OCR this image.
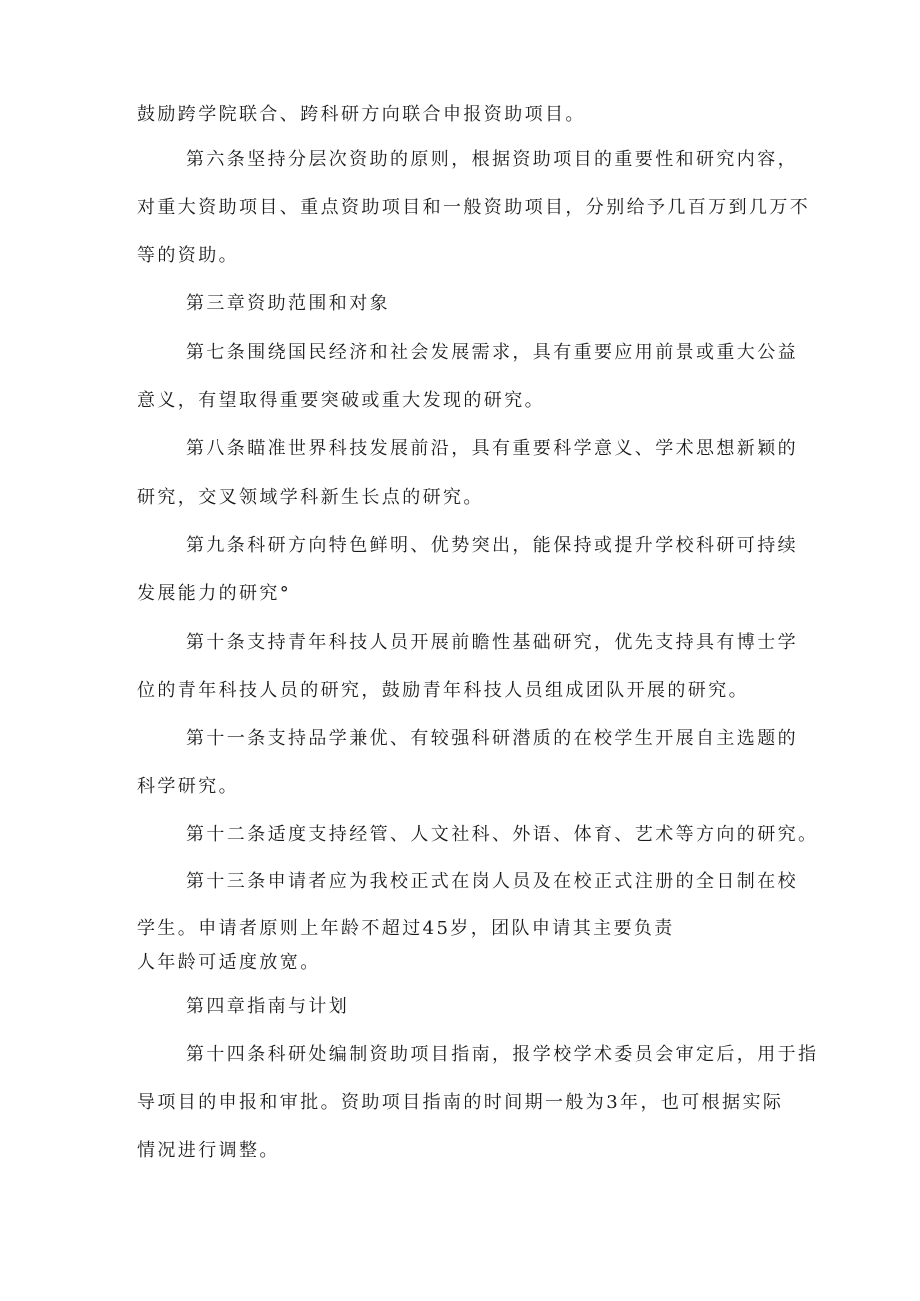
鼓励跨学院联合、跨科研方向联合申报资助项目。
第六条坚持分层次资助的原则，根据资助项目的重要性和研究内容，
对重大资助项目、重点资助项目和一般资助项目，分别给予几百万到几万不
等的资助。
第三章资助范围和对象
第七条围绕国民经济和社会发展需求，具有重要应用前景或重大公益
意义，有望取得重要突破或重大发现的研究。
第八条瞄准世界科技发展前沿，具有重要科学意义、学术思想新颖的
研究，交叉领域学科新生长点的研究。
第九条科研方向特色鲜明、优势突出，能保持或提升学校科研可持续
发展能力的研究°
第十条支持青年科技人员开展前瞻性基础研究，优先支持具有博士学
位的青年科技人员的研究，鼓励青年科技人员组成团队开展的研究。
第十一条支持品学兼优、有较强科研潜质的在校学生开展自主选题的
科学研究。
第十二条适度支持经管、人文社科、外语、体育、艺术等方向的研究。
第十三条申请者应为我校正式在岗人员及在校正式注册的全日制在校
学生。申请者原则上年龄不超过45岁，团队申请其主要负责
人年龄可适度放宽。
第四章指南与计划
第十四条科研处编制资助项目指南，报学校学术委员会审定后，用于指
导项目的申报和审批。资助项目指南的时间期一般为3年，也可根据实际
情况进行调整。
